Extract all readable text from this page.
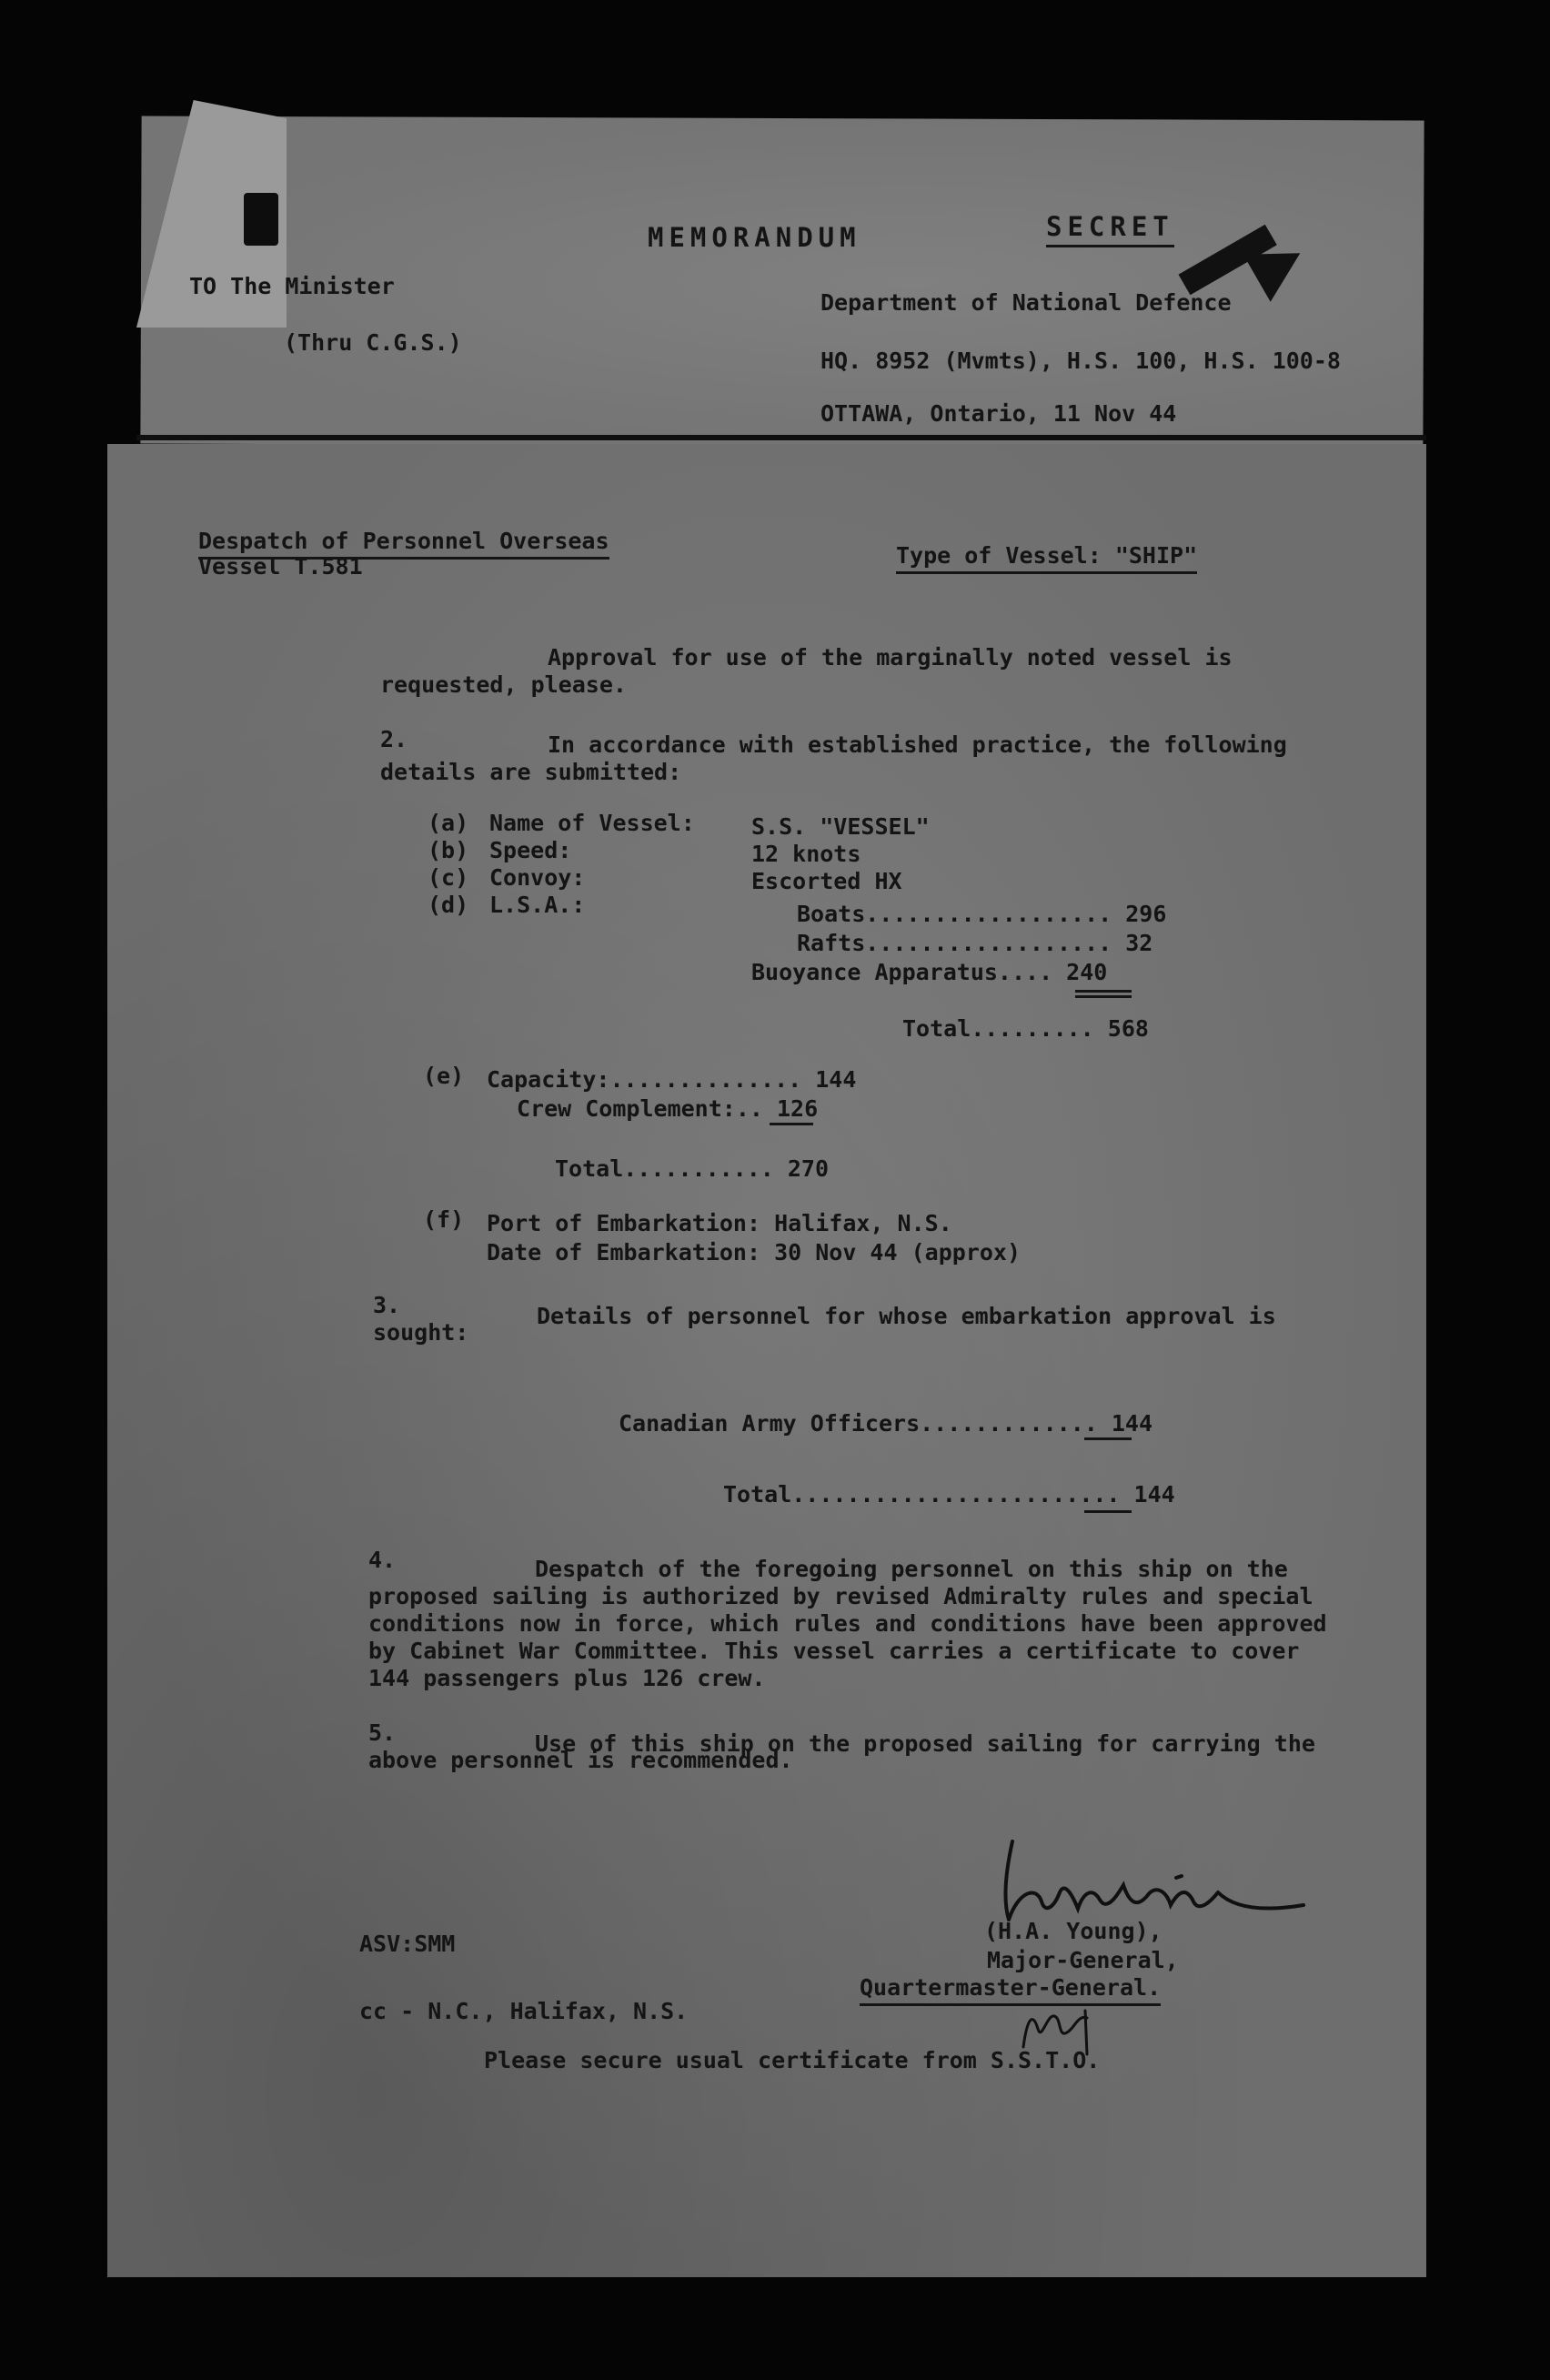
MEMORANDUM	SECRET
TO The Minister
(Thru C.G.S.)
Department of National Defence
HQ. 8952 (Mvmts), H.S. 100, H.S. 100-8
OTTAWA, Ontario, 11 Nov 44
Despatch of Personnel Overseas
Vessel T.581	Type of Vessel: "SHIP"
Approval for use of the marginally noted vessel is
requested, please.
2.	In accordance with established practice, the following
details are submitted:
(a) Name of Vessel: S.S. "VESSEL"
(b) Speed:	12 knots
(c) Convoy:	Escorted HX
(d) L.S.A.:	Boats.................. 296
Rafts.................. 32
Buoyance Apparatus.... 240
Total......... 568
(e) Capacity:.............. 144
Crew Complement:.. 126
Total........... 270
(f) Port of Embarkation: Halifax, N.S.
Date of Embarkation: 30 Nov 44 (approx)
3.	Details of personnel for whose embarkation approval is
sought:
Canadian Army Officers............. 144
Total........................ 144
4.	Despatch of the foregoing personnel on this ship on the
proposed sailing is authorized by revised Admiralty rules and special
conditions now in force, which rules and conditions have been approved
by Cabinet War Committee. This vessel carries a certificate to cover
144 passengers plus 126 crew.
5.	Use of this ship on the proposed sailing for carrying the
above personnel is recommended.
(H.A. Young),
Major-General,
Quartermaster-General.
ASV:SMM
cc - N.C., Halifax, N.S.
Please secure usual certificate from S.S.T.O.
